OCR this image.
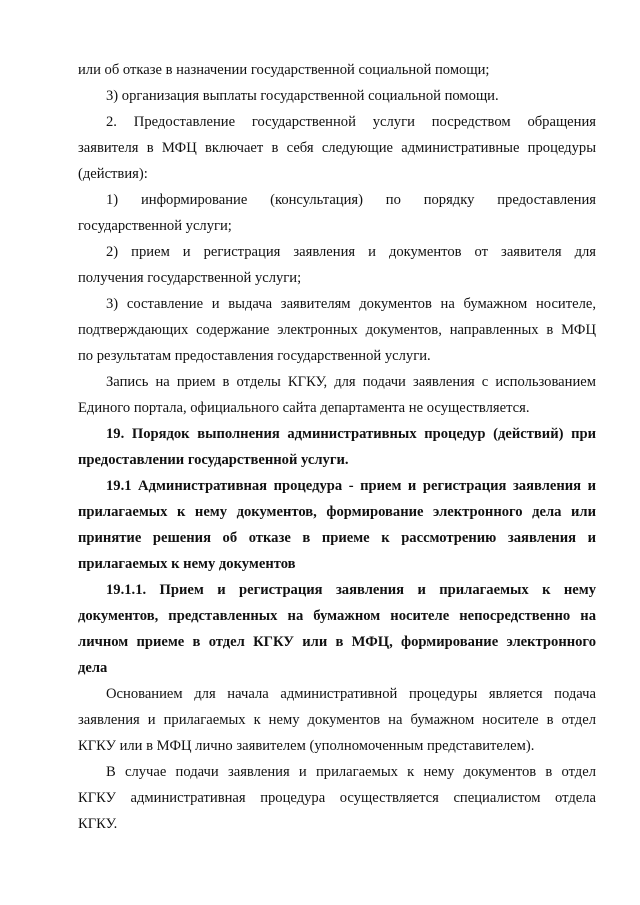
или об отказе в назначении государственной социальной помощи;
3) организация выплаты государственной социальной помощи.
2. Предоставление государственной услуги посредством обращения
заявителя в МФЦ включает в себя следующие административные процедуры
(действия):
1) информирование (консультация) по порядку предоставления
государственной услуги;
2) прием и регистрация заявления и документов от заявителя для
получения государственной услуги;
3) составление и выдача заявителям документов на бумажном носителе,
подтверждающих содержание электронных документов, направленных в МФЦ
по результатам предоставления государственной услуги.
Запись на прием в отделы КГКУ, для подачи заявления с использованием
Единого портала, официального сайта департамента не осуществляется.
19. Порядок выполнения административных процедур (действий) при
предоставлении государственной услуги.
19.1 Административная процедура - прием и регистрация заявления и
прилагаемых к нему документов, формирование электронного дела или
принятие решения об отказе в приеме к рассмотрению заявления и
прилагаемых к нему документов
19.1.1. Прием и регистрация заявления и прилагаемых к нему
документов, представленных на бумажном носителе непосредственно на
личном приеме в отдел КГКУ или в МФЦ, формирование электронного
дела
Основанием для начала административной процедуры является подача
заявления и прилагаемых к нему документов на бумажном носителе в отдел
КГКУ или в МФЦ лично заявителем (уполномоченным представителем).
В случае подачи заявления и прилагаемых к нему документов в отдел
КГКУ административная процедура осуществляется специалистом отдела
КГКУ.
